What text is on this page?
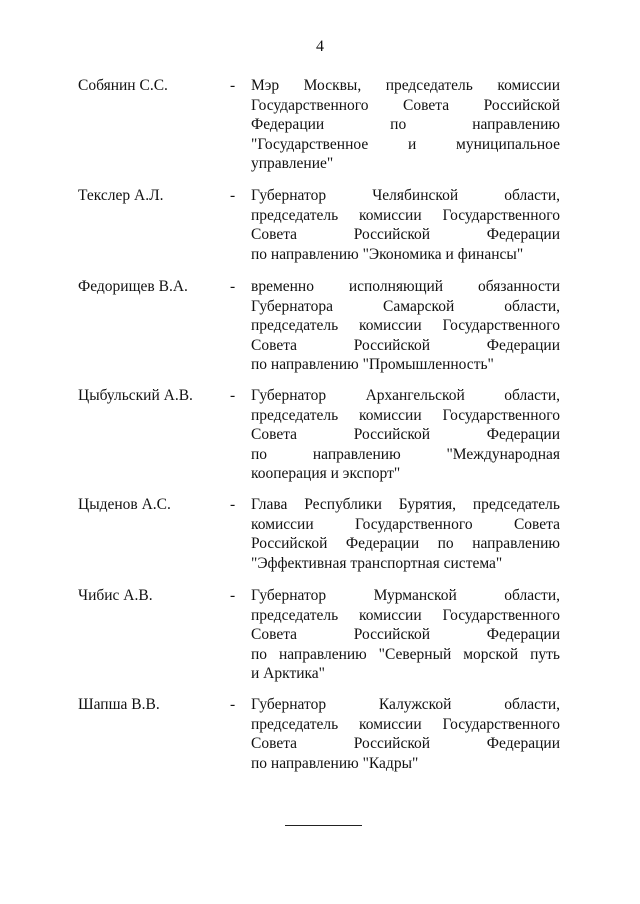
4
Собянин С.С.	- Мэр Москвы, председатель комиссии
Государственного Совета Российской
Федерации по направлению
"Государственное и муниципальное
управление"
Текслер А.Л.	- Губернатор Челябинской области,
председатель комиссии Государственного
Совета Российской Федерации
по направлению "Экономика и финансы"
Федорищев В.А.	- временно исполняющий обязанности
Губернатора Самарской области,
председатель комиссии Государственного
Совета Российской Федерации
по направлению "Промышленность"
Цыбульский А.В. - Губернатор Архангельской области,
председатель комиссии Государственного
Совета Российской Федерации
по направлению "Международная
кооперация и экспорт"
Цыденов А.С.	- Глава Республики Бурятия, председатель
комиссии Государственного Совета
Российской Федерации по направлению
"Эффективная транспортная система"
Чибис А.В.	- Губернатор Мурманской области,
председатель комиссии Государственного
Совета Российской Федерации
по направлению "Северный морской путь
и Арктика"
Шапша В.В.	- Губернатор Калужской области,
председатель комиссии Государственного
Совета Российской Федерации
по направлению "Кадры"
